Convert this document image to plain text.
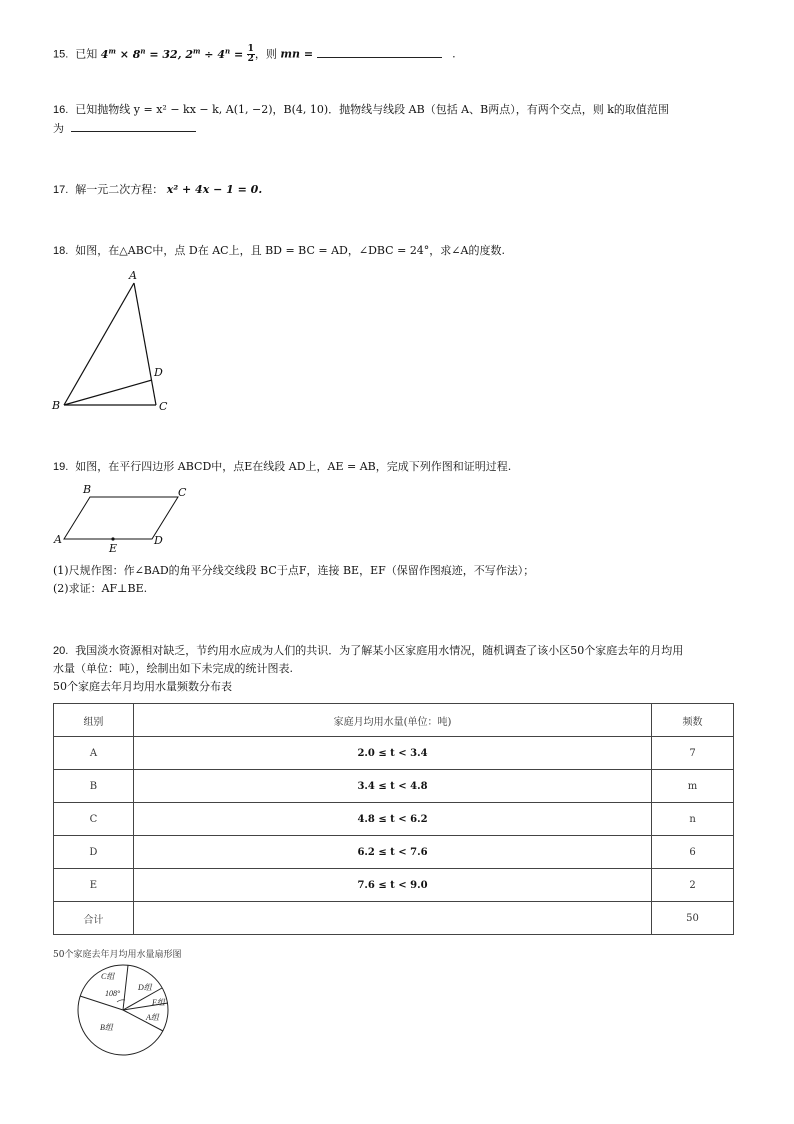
15. 已知 $4^m \times 8^n = 32$, $2^m \div 4^n = \frac{1}{2}$ ，则 mn =	.
16. 已知抛物线 y = x² − kx − k, A(1, −2)，B(4, 10)．抛物线与线段 AB（包括 A、B两点），有两个交点，则 k的取值范围
为
17. 解一元二次方程： x² + 4x − 1 = 0.
18. 如图，在△ABC中，点 D在 AC上，且 BD = BC = AD，∠DBC = 24°，求∠A的度数.
A
B	C
D
19. 如图，在平行四边形 ABCD中，点E在线段 AD上，AE = AB，完成下列作图和证明过程.
A
B	C
D
E
(1)尺规作图：作∠BAD的角平分线交线段 BC于点F，连接 BE，EF（保留作图痕迹，不写作法）；
(2)求证：AF⊥BE.
20. 我国淡水资源相对缺乏，节约用水应成为人们的共识．为了解某小区家庭用水情况，随机调查了该小区50个家庭去年的月均用
水量（单位：吨），绘制出如下未完成的统计图表.
50个家庭去年月均用水量频数分布表
组别	家庭月均用水量(单位：吨)	频数
A	2.0 ≤ t < 3.4	7
B	3.4 ≤ t < 4.8	m
C	4.8 ≤ t < 6.2	n
D	6.2 ≤ t < 7.6	6
E	7.6 ≤ t < 9.0	2
合计		50
50个家庭去年月均用水量扇形图
C组
108°
D组
E组
A组
B组
